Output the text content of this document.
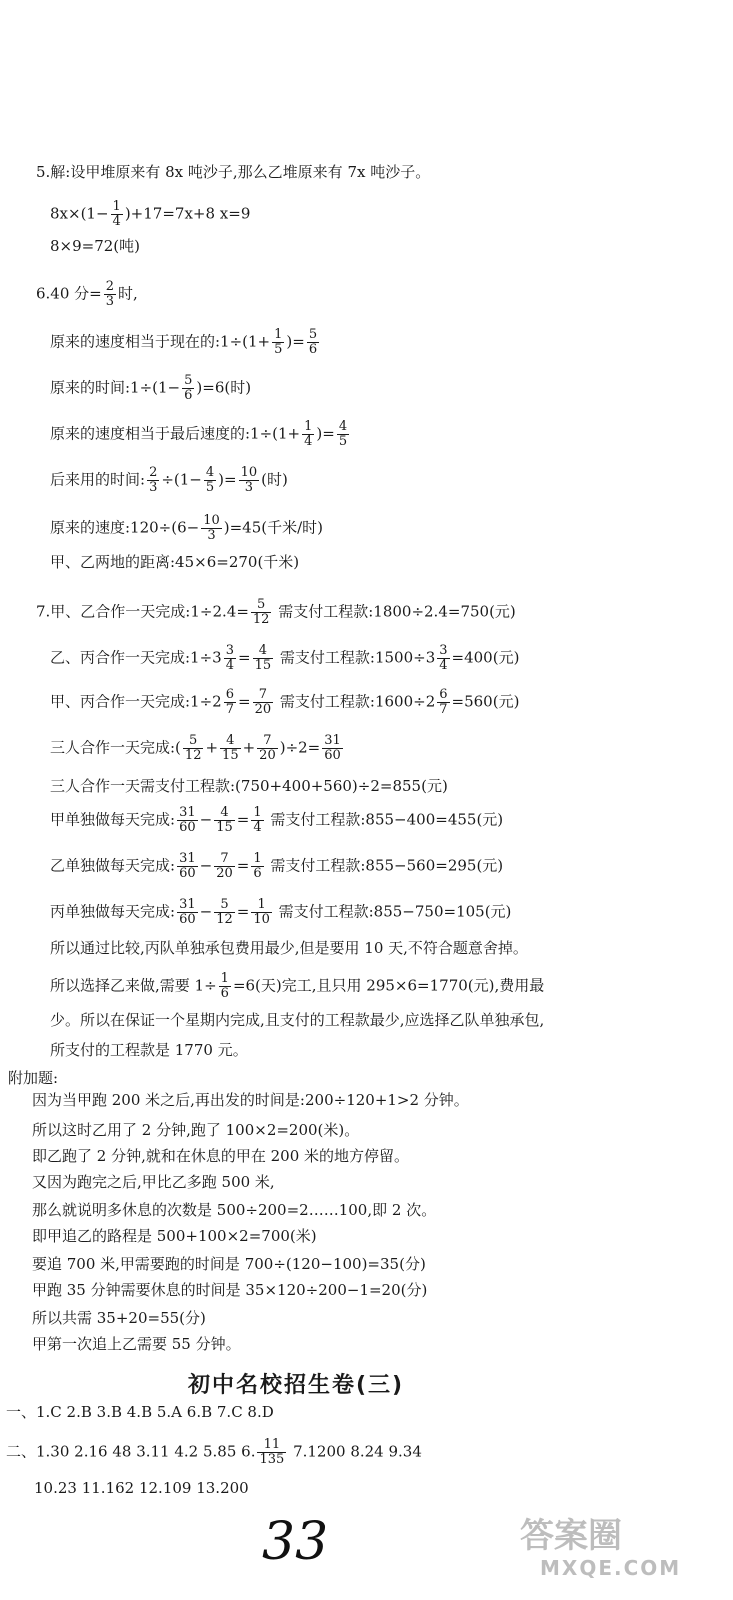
5.解:设甲堆原来有 8x 吨沙子,那么乙堆原来有 7x 吨沙子。
$8x\times(1- \frac{1}{4} )+17=7x+8$ x=9
8×9=72(吨)
6.40 分= $\frac{2}{3}$ 时,
原来的速度相当于现在的:1÷(1+ $\frac{1}{5}$ )= $\frac{5}{6}$
原来的时间:1÷(1− $\frac{5}{6} )=6$(时)
原来的速度相当于最后速度的:1÷(1+ $\frac{1}{4}$ )= $\frac{4}{5}$
后来用的时间: $\frac{2}{3} \div(1- \frac{4}{5}$ )= $\frac{10}{3}$ (时)
原来的速度:120÷(6− $\frac{10}{3} )=45$(千米/时)
甲、乙两地的距离:45×6=270(千米)
7.甲、乙合作一天完成:1÷2.4= $\frac{5}{12}$ 需支付工程款:1800÷2.4=750(元)
乙、丙合作一天完成:1÷3 $\frac{3}{4} = \frac{4}{15}$ 需支付工程款:1500÷3 $\frac{3}{4} =400$(元)
甲、丙合作一天完成:1÷2 $\frac{6}{7} = \frac{7}{20}$ 需支付工程款:1600÷2 $\frac{6}{7} =560$(元)
三人合作一天完成:( $\frac{5}{12} + \frac{4}{15} + \frac{7}{20} )\div 2= \frac{31}{60}$
三人合作一天需支付工程款:(750+400+560)÷2=855(元)
甲单独做每天完成: $\frac{31}{60} - \frac{4}{15} = \frac{1}{4}$ 需支付工程款:855−400=455(元)
乙单独做每天完成: $\frac{31}{60} - \frac{7}{20} = \frac{1}{6}$ 需支付工程款:855−560=295(元)
丙单独做每天完成: $\frac{31}{60} - \frac{5}{12} = \frac{1}{10}$ 需支付工程款:855−750=105(元)
所以通过比较,丙队单独承包费用最少,但是要用 10 天,不符合题意舍掉。
所以选择乙来做,需要 $1\div \frac{1}{6} =6$(天)完工,且只用 295×6=1770(元),费用最
少。所以在保证一个星期内完成,且支付的工程款最少,应选择乙队单独承包,
所支付的工程款是 1770 元。
附加题:
因为当甲跑 200 米之后,再出发的时间是:200÷120+1>2 分钟。
所以这时乙用了 2 分钟,跑了 100×2=200(米)。
即乙跑了 2 分钟,就和在休息的甲在 200 米的地方停留。
又因为跑完之后,甲比乙多跑 500 米,
那么就说明多休息的次数是 500÷200=2……100,即 2 次。
即甲追乙的路程是 500+100×2=700(米)
要追 700 米,甲需要跑的时间是 700÷(120−100)=35(分)
甲跑 35 分钟需要休息的时间是 35×120÷200−1=20(分)
所以共需 35+20=55(分)
甲第一次追上乙需要 55 分钟。
初中名校招生卷(三)
一、1.C 2.B 3.B 4.B 5.A 6.B 7.C 8.D
二、1.30 2.16 48 3.11 4.2 5.85 6. $\frac{11}{135} 7.1200$ 8.24 9.34
10.23 11.162 12.109 13.200
33	答案圈
MXQE.COM
